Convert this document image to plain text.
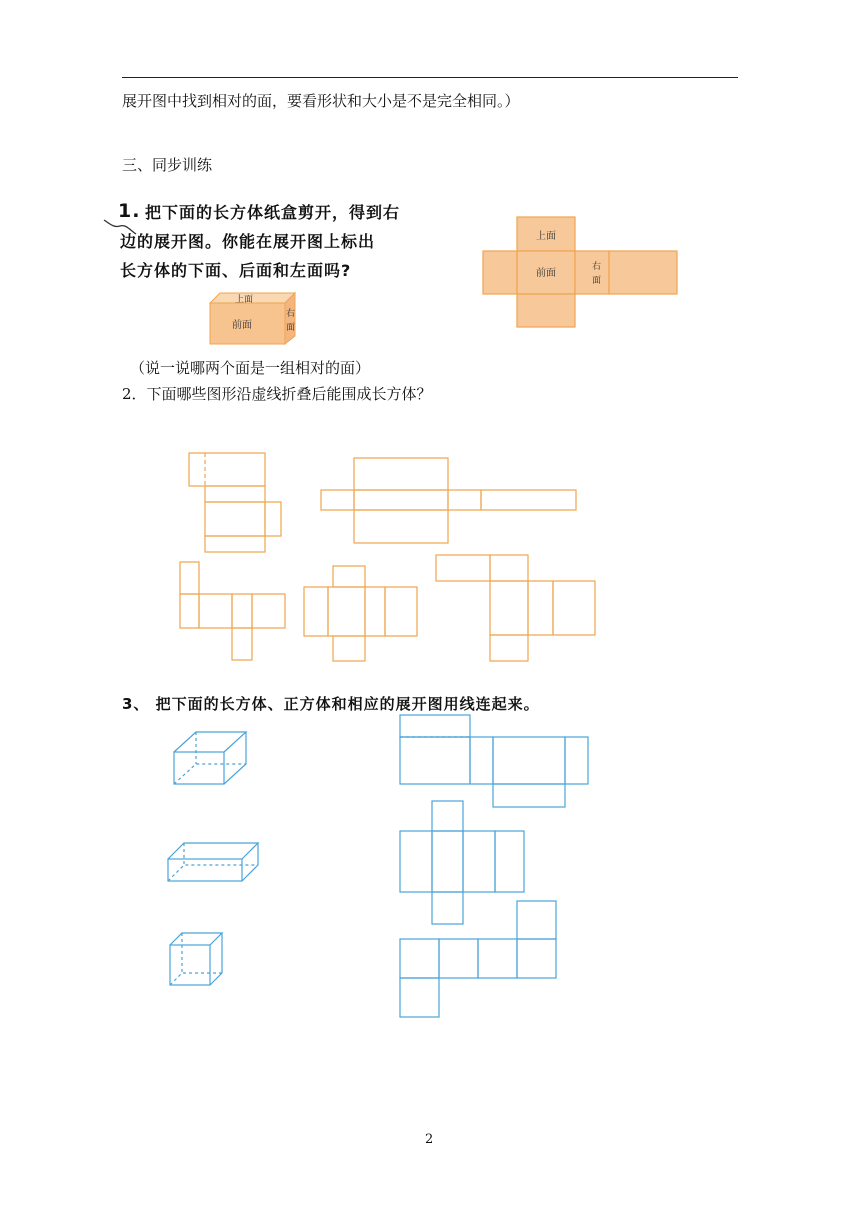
展开图中找到相对的面，要看形状和大小是不是完全相同。）
三、同步训练
1. 把下面的长方体纸盒剪开，得到右
边的展开图。你能在展开图上标出
长方体的下面、后面和左面吗?
上面
前面
右
面
上面
前面
右
面
（说一说哪两个面是一组相对的面）
2．下面哪些图形沿虚线折叠后能围成长方体？
3、 把下面的长方体、正方体和相应的展开图用线连起来。
2
